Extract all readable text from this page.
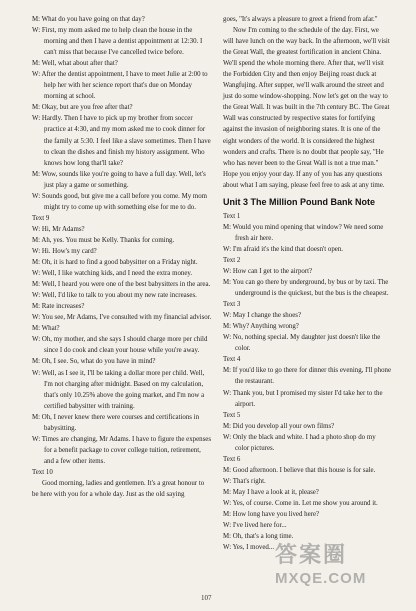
M: What do you have going on that day?

W: First, my mom asked me to help clean the house in the morning and then I have a dentist appointment at 12:30. I can't miss that because I've cancelled twice before.

M: Well, what about after that?

W: After the dentist appointment, I have to meet Julie at 2:00 to help her with her science report that's due on Monday morning at school.

M: Okay, but are you free after that?

W: Hardly. Then I have to pick up my brother from soccer practice at 4:30, and my mom asked me to cook dinner for the family at 5:30. I feel like a slave sometimes. Then I have to clean the dishes and finish my history assignment. Who knows how long that'll take?

M: Wow, sounds like you're going to have a full day. Well, let's just play a game or something.

W: Sounds good, but give me a call before you come. My mom might try to come up with something else for me to do.

Text 9

W: Hi, Mr Adams?

M: Ah, yes. You must be Kelly. Thanks for coming.

W: Hi. How's my card?

M: Oh, it is hard to find a good babysitter on a Friday night.

W: Well, I like watching kids, and I need the extra money.

M: Well, I heard you were one of the best babysitters in the area.

W: Well, I'd like to talk to you about my new rate increases.

M: Rate increases?

W: You see, Mr Adams, I've consulted with my financial advisor.

M: What?

W: Oh, my mother, and she says I should charge more per child since I do cook and clean your house while you're away.

M: Oh, I see. So, what do you have in mind?

W: Well, as I see it, I'll be taking a dollar more per child. Well, I'm not charging after midnight. Based on my calculation, that's only 10.25% above the going market, and I'm now a certified babysitter with training.

M: Oh, I never knew there were courses and certifications in babysitting.

W: Times are changing, Mr Adams. I have to figure the expenses for a benefit package to cover college tuition, retirement, and a few other items.

Text 10

Good morning, ladies and gentlemen. It's a great honour to be here with you for a whole day. Just as the old saying

goes, "It's always a pleasure to greet a friend from afar."

Now I'm coming to the schedule of the day. First, we will have lunch on the way back. In the afternoon, we'll visit the Great Wall, the greatest fortification in ancient China. We'll spend the whole morning there. After that, we'll visit the Forbidden City and then enjoy Beijing roast duck at Wangfujing. After supper, we'll walk around the street and just do some window-shopping. Now let's get on the way to the Great Wall. It was built in the 7th century BC. The Great Wall was constructed by respective states for fortifying against the invasion of neighboring states. It is one of the eight wonders of the world. It is considered the highest wonders and crafts. There is no doubt that people say, "He who has never been to the Great Wall is not a true man." Hope you enjoy your day. If any of you has any questions about what I am saying, please feel free to ask at any time.

Unit 3 The Million Pound Bank Note

Text 1

M: Would you mind opening that window? We need some fresh air here.

W: I'm afraid it's the kind that doesn't open.

Text 2

W: How can I get to the airport?

M: You can go there by underground, by bus or by taxi. The underground is the quickest, but the bus is the cheapest.

Text 3

W: May I change the shoes?

M: Why? Anything wrong?

W: No, nothing special. My daughter just doesn't like the color.

Text 4

M: If you'd like to go there for dinner this evening, I'll phone the restaurant.

W: Thank you, but I promised my sister I'd take her to the airport.

Text 5

M: Did you develop all your own films?

W: Only the black and white. I had a photo shop do my color pictures.

Text 6

M: Good afternoon. I believe that this house is for sale.

W: That's right.

M: May I have a look at it, please?

W: Yes, of course. Come in. Let me show you around it.

M: How long have you lived here?

W: I've lived here for...

M: Oh, that's a long time.

W: Yes, I moved...

107
答案圈
MXQE.COM
